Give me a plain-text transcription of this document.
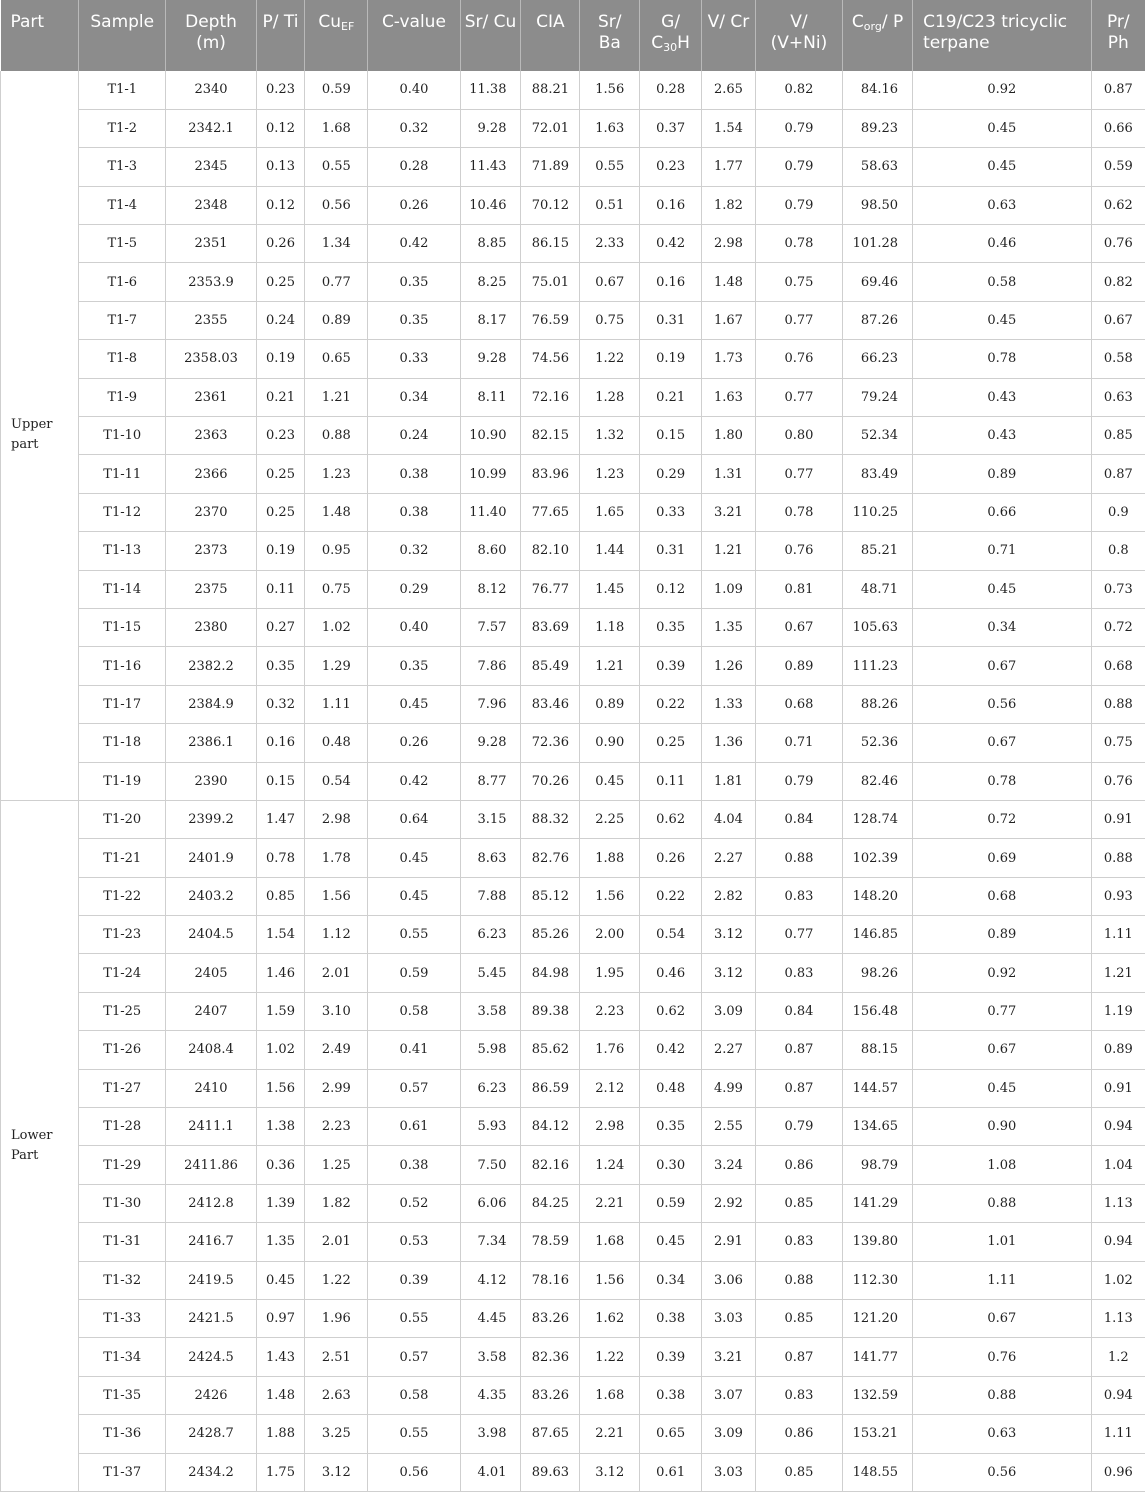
Part	Sample	Depth (m)	P/ Ti	$Cu_{EF}$	C-value	Sr/ Cu	CIA	Sr/ Ba	G/ $C_{30}H$	V/ Cr	V/ (V+Ni)	$C_{org}/$ P	C19/C23 tricyclic terpane	Pr/ Ph
Upper part	T1-1	2340	0.23	0.59	0.40	11.38	88.21	1.56	0.28	2.65	0.82	84.16	0.92	0.87
	T1-2	2342.1	0.12	1.68	0.32	9.28	72.01	1.63	0.37	1.54	0.79	89.23	0.45	0.66
	T1-3	2345	0.13	0.55	0.28	11.43	71.89	0.55	0.23	1.77	0.79	58.63	0.45	0.59
	T1-4	2348	0.12	0.56	0.26	10.46	70.12	0.51	0.16	1.82	0.79	98.50	0.63	0.62
	T1-5	2351	0.26	1.34	0.42	8.85	86.15	2.33	0.42	2.98	0.78	101.28	0.46	0.76
	T1-6	2353.9	0.25	0.77	0.35	8.25	75.01	0.67	0.16	1.48	0.75	69.46	0.58	0.82
	T1-7	2355	0.24	0.89	0.35	8.17	76.59	0.75	0.31	1.67	0.77	87.26	0.45	0.67
	T1-8	2358.03	0.19	0.65	0.33	9.28	74.56	1.22	0.19	1.73	0.76	66.23	0.78	0.58
	T1-9	2361	0.21	1.21	0.34	8.11	72.16	1.28	0.21	1.63	0.77	79.24	0.43	0.63
	T1-10	2363	0.23	0.88	0.24	10.90	82.15	1.32	0.15	1.80	0.80	52.34	0.43	0.85
	T1-11	2366	0.25	1.23	0.38	10.99	83.96	1.23	0.29	1.31	0.77	83.49	0.89	0.87
	T1-12	2370	0.25	1.48	0.38	11.40	77.65	1.65	0.33	3.21	0.78	110.25	0.66	0.9
	T1-13	2373	0.19	0.95	0.32	8.60	82.10	1.44	0.31	1.21	0.76	85.21	0.71	0.8
	T1-14	2375	0.11	0.75	0.29	8.12	76.77	1.45	0.12	1.09	0.81	48.71	0.45	0.73
	T1-15	2380	0.27	1.02	0.40	7.57	83.69	1.18	0.35	1.35	0.67	105.63	0.34	0.72
	T1-16	2382.2	0.35	1.29	0.35	7.86	85.49	1.21	0.39	1.26	0.89	111.23	0.67	0.68
	T1-17	2384.9	0.32	1.11	0.45	7.96	83.46	0.89	0.22	1.33	0.68	88.26	0.56	0.88
	T1-18	2386.1	0.16	0.48	0.26	9.28	72.36	0.90	0.25	1.36	0.71	52.36	0.67	0.75
	T1-19	2390	0.15	0.54	0.42	8.77	70.26	0.45	0.11	1.81	0.79	82.46	0.78	0.76
Lower Part	T1-20	2399.2	1.47	2.98	0.64	3.15	88.32	2.25	0.62	4.04	0.84	128.74	0.72	0.91
	T1-21	2401.9	0.78	1.78	0.45	8.63	82.76	1.88	0.26	2.27	0.88	102.39	0.69	0.88
	T1-22	2403.2	0.85	1.56	0.45	7.88	85.12	1.56	0.22	2.82	0.83	148.20	0.68	0.93
	T1-23	2404.5	1.54	1.12	0.55	6.23	85.26	2.00	0.54	3.12	0.77	146.85	0.89	1.11
	T1-24	2405	1.46	2.01	0.59	5.45	84.98	1.95	0.46	3.12	0.83	98.26	0.92	1.21
	T1-25	2407	1.59	3.10	0.58	3.58	89.38	2.23	0.62	3.09	0.84	156.48	0.77	1.19
	T1-26	2408.4	1.02	2.49	0.41	5.98	85.62	1.76	0.42	2.27	0.87	88.15	0.67	0.89
	T1-27	2410	1.56	2.99	0.57	6.23	86.59	2.12	0.48	4.99	0.87	144.57	0.45	0.91
	T1-28	2411.1	1.38	2.23	0.61	5.93	84.12	2.98	0.35	2.55	0.79	134.65	0.90	0.94
	T1-29	2411.86	0.36	1.25	0.38	7.50	82.16	1.24	0.30	3.24	0.86	98.79	1.08	1.04
	T1-30	2412.8	1.39	1.82	0.52	6.06	84.25	2.21	0.59	2.92	0.85	141.29	0.88	1.13
	T1-31	2416.7	1.35	2.01	0.53	7.34	78.59	1.68	0.45	2.91	0.83	139.80	1.01	0.94
	T1-32	2419.5	0.45	1.22	0.39	4.12	78.16	1.56	0.34	3.06	0.88	112.30	1.11	1.02
	T1-33	2421.5	0.97	1.96	0.55	4.45	83.26	1.62	0.38	3.03	0.85	121.20	0.67	1.13
	T1-34	2424.5	1.43	2.51	0.57	3.58	82.36	1.22	0.39	3.21	0.87	141.77	0.76	1.2
	T1-35	2426	1.48	2.63	0.58	4.35	83.26	1.68	0.38	3.07	0.83	132.59	0.88	0.94
	T1-36	2428.7	1.88	3.25	0.55	3.98	87.65	2.21	0.65	3.09	0.86	153.21	0.63	1.11
	T1-37	2434.2	1.75	3.12	0.56	4.01	89.63	3.12	0.61	3.03	0.85	148.55	0.56	0.96
